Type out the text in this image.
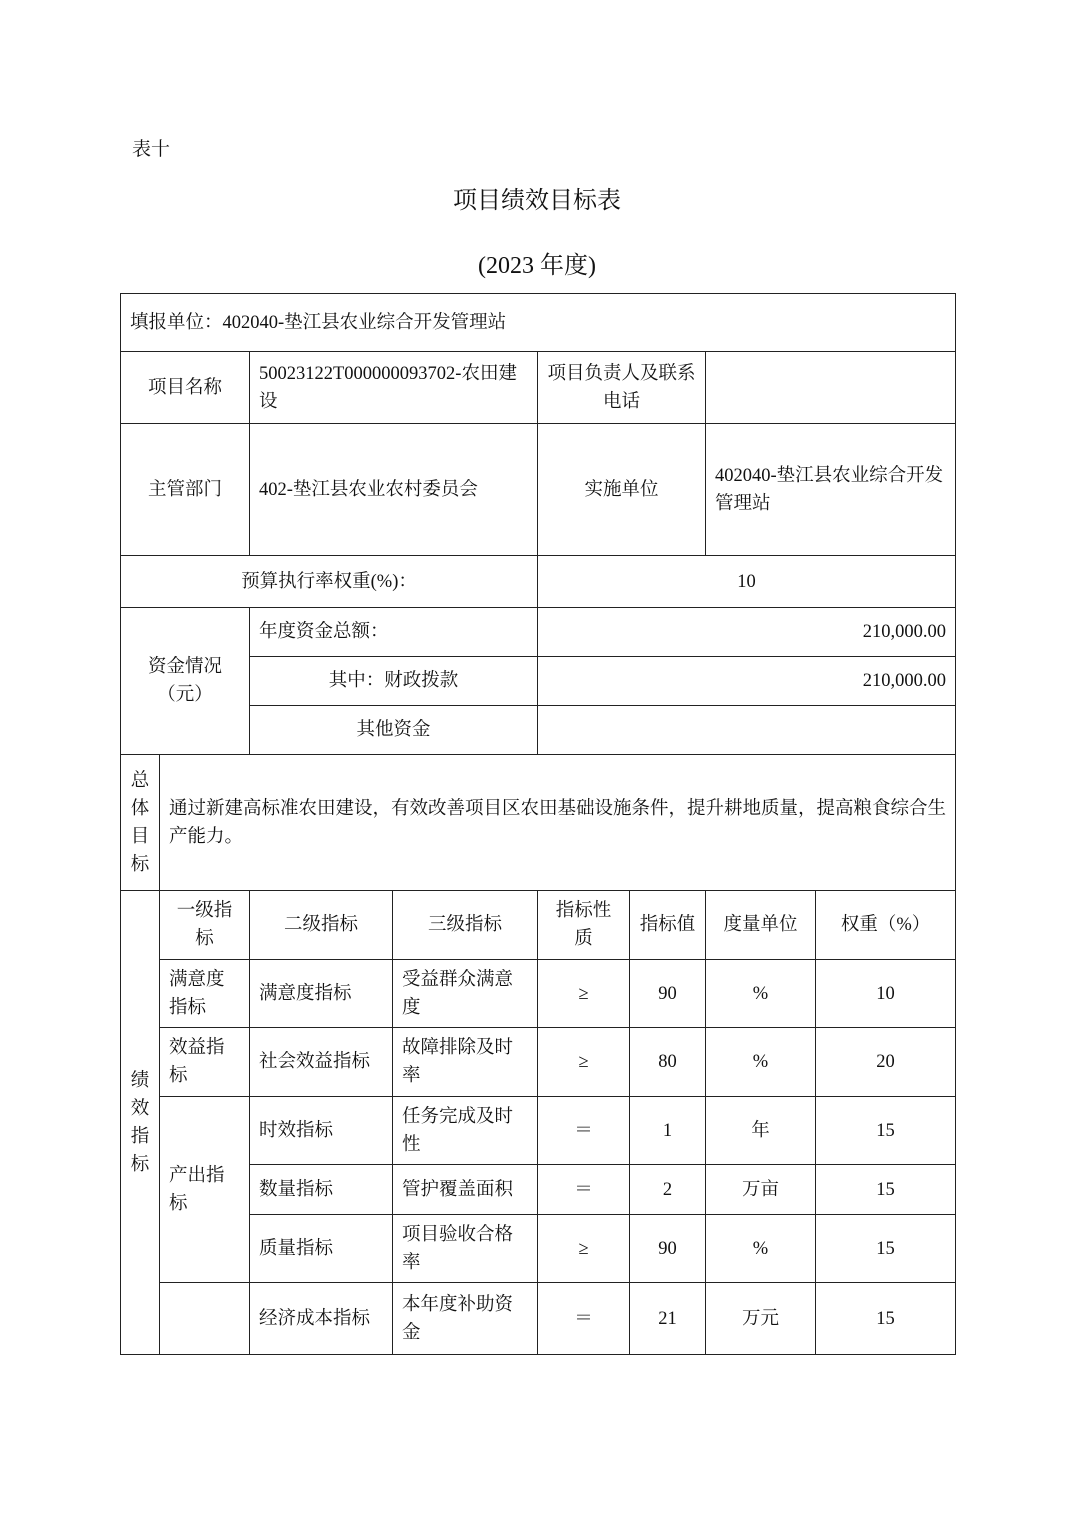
表十
项目绩效目标表
(2023 年度)
填报单位：402040-垫江县农业综合开发管理站							
项目名称		50023122T000000093702-农田建设		项目负责人及联系电话			
主管部门		402-垫江县农业农村委员会		实施单位		402040-垫江县农业综合开发管理站	
预算执行率权重(%)：				10			
资金情况（元）		年度资金总额：		210,000.00			
		其中：财政拨款		210,000.00			
		其他资金					
总体目标	通过新建高标准农田建设，有效改善项目区农田基础设施条件，提升耕地质量，提高粮食综合生产能力。						
绩效指标	一级指标	二级指标	三级指标	指标性质	指标值	度量单位	权重（%）
	满意度指标	满意度指标	受益群众满意度	≥	90	%	10
	效益指标	社会效益指标	故障排除及时率	≥	80	%	20
	产出指标	时效指标	任务完成及时性	＝	1	年	15
		数量指标	管护覆盖面积	＝	2	万亩	15
		质量指标	项目验收合格率	≥	90	%	15
		经济成本指标	本年度补助资金	＝	21	万元	15
